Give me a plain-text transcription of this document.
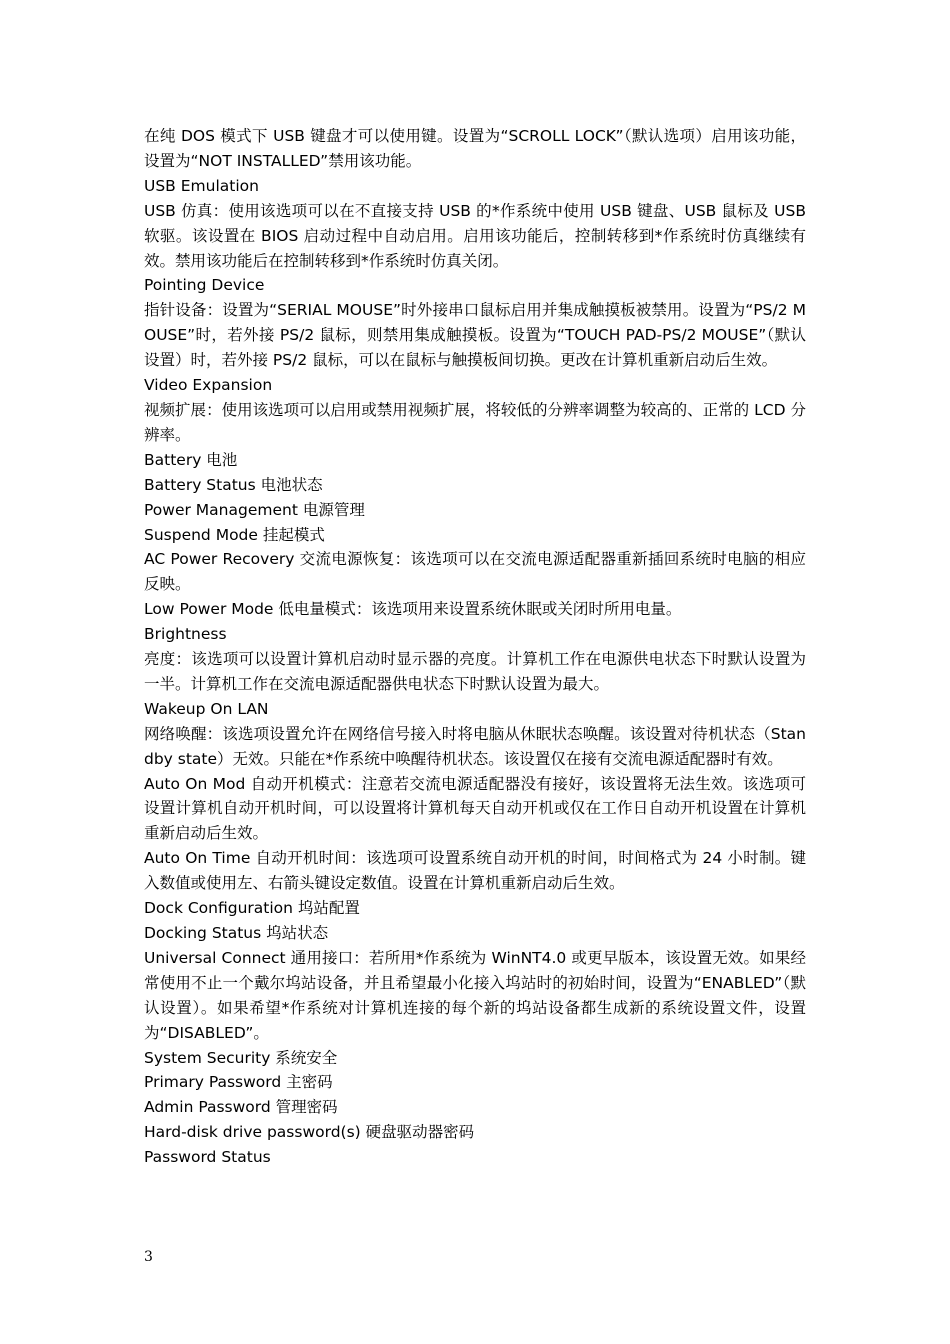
在纯 DOS 模式下 USB 键盘才可以使用键。设置为“SCROLL LOCK”（默认选项）启用该功能，设置为“NOT INSTALLED”禁用该功能。

USB Emulation

USB 仿真：使用该选项可以在不直接支持 USB 的*作系统中使用 USB 键盘、USB 鼠标及 USB 软驱。该设置在 BIOS 启动过程中自动启用。启用该功能后，控制转移到*作系统时仿真继续有效。禁用该功能后在控制转移到*作系统时仿真关闭。

Pointing Device

指针设备：设置为“SERIAL MOUSE”时外接串口鼠标启用并集成触摸板被禁用。设置为“PS/2 MOUSE”时，若外接 PS/2 鼠标，则禁用集成触摸板。设置为“TOUCH PAD-PS/2 MOUSE”（默认设置）时，若外接 PS/2 鼠标，可以在鼠标与触摸板间切换。更改在计算机重新启动后生效。

Video Expansion

视频扩展：使用该选项可以启用或禁用视频扩展，将较低的分辨率调整为较高的、正常的 LCD 分辨率。

Battery 电池

Battery Status 电池状态

Power Management 电源管理

Suspend Mode 挂起模式

AC Power Recovery 交流电源恢复：该选项可以在交流电源适配器重新插回系统时电脑的相应反映。

Low Power Mode 低电量模式：该选项用来设置系统休眠或关闭时所用电量。

Brightness

亮度：该选项可以设置计算机启动时显示器的亮度。计算机工作在电源供电状态下时默认设置为一半。计算机工作在交流电源适配器供电状态下时默认设置为最大。

Wakeup On LAN

网络唤醒：该选项设置允许在网络信号接入时将电脑从休眠状态唤醒。该设置对待机状态（Standby state）无效。只能在*作系统中唤醒待机状态。该设置仅在接有交流电源适配器时有效。

Auto On Mod 自动开机模式：注意若交流电源适配器没有接好，该设置将无法生效。该选项可设置计算机自动开机时间，可以设置将计算机每天自动开机或仅在工作日自动开机设置在计算机重新启动后生效。

Auto On Time 自动开机时间：该选项可设置系统自动开机的时间，时间格式为 24 小时制。键入数值或使用左、右箭头键设定数值。设置在计算机重新启动后生效。

Dock Configuration 坞站配置

Docking Status 坞站状态

Universal Connect 通用接口：若所用*作系统为 WinNT4.0 或更早版本，该设置无效。如果经常使用不止一个戴尔坞站设备，并且希望最小化接入坞站时的初始时间，设置为“ENABLED”（默认设置）。如果希望*作系统对计算机连接的每个新的坞站设备都生成新的系统设置文件，设置为“DISABLED”。

System Security 系统安全

Primary Password 主密码

Admin Password 管理密码

Hard-disk drive password(s) 硬盘驱动器密码

Password Status

3
